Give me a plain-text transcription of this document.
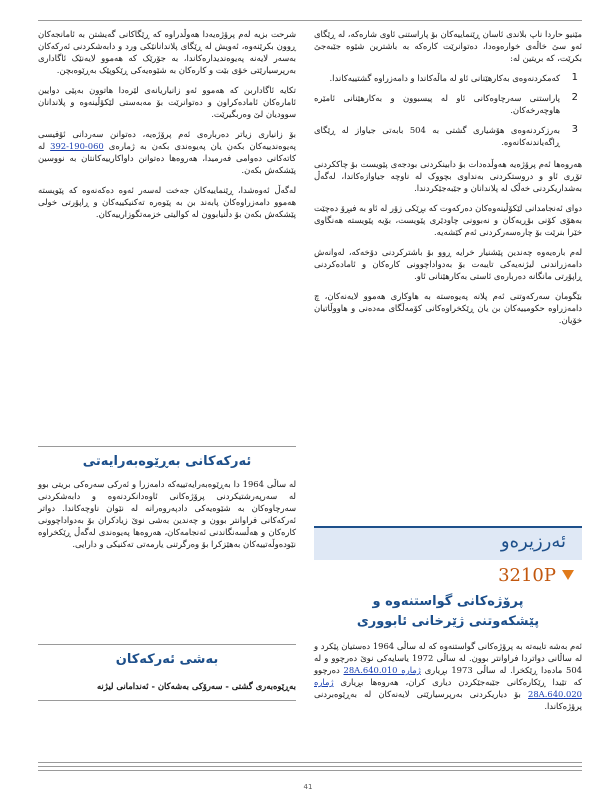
مێنیو حاردا ناپ بلاندی ئاسان ڕێنماییەکان بۆ پاراستنی ئاوی شارەکە، لە ڕێگای ئەو سێ خاڵەی خوارەوەدا، دەتوانرێت کارەکە بە باشترین شێوە جێبەجێ بکرێت، کە بریتین لە:

1
کەمکردنەوەی بەکارهێنانی ئاو لە ماڵەکاندا و دامەزراوە گشتییەکاندا.
2
پاراستنی سەرچاوەکانی ئاو لە پیسبوون و بەکارهێنانی ئامێرە هاوچەرخەکان.
3
بەرزکردنەوەی هۆشیاری گشتی بە 504 بابەتی جیاواز لە ڕێگای ڕاگەیاندنەکانەوە.

هەروەها ئەم پرۆژەیە هەوڵدەدات بۆ دابینکردنی بودجەی پێویست بۆ چاککردنی تۆڕی ئاو و دروستکردنی بەنداوی بچووک لە ناوچە جیاوازەکاندا، لەگەڵ بەشداریکردنی خەڵک لە پلاندانان و جێبەجێکردندا.

دوای ئەنجامدانی لێکۆڵینەوەکان دەرکەوت کە بڕێکی زۆر لە ئاو بە فیڕۆ دەچێت بەهۆی کۆنی بۆڕیەکان و نەبوونی چاودێری پێویست، بۆیە پێویستە هەنگاوی خێرا بنرێت بۆ چارەسەرکردنی ئەم کێشەیە.

لەم بارەیەوە چەندین پێشنیار خرایە ڕوو بۆ باشترکردنی دۆخەکە، لەوانەش دامەزراندنی لیژنەیەکی تایبەت بۆ بەدواداچوونی کارەکان و ئامادەکردنی ڕاپۆرتی مانگانە دەربارەی ئاستی بەکارهێنانی ئاو.

بێگومان سەرکەوتنی ئەم پلانە پەیوەستە بە هاوکاری هەموو لایەنەکان، چ دامەزراوە حکومییەکان بن یان ڕێکخراوەکانی کۆمەڵگای مەدەنی و هاووڵاتیان خۆیان.

ئەرزیرەو
3210P
پرۆژەکانی گواستنەوە و
پێشکەوتنی ژێرخانی ئابووری

ئەم بەشە تایبەتە بە پرۆژەکانی گواستنەوە کە لە ساڵی 1964 دەستیان پێکرد و لە ساڵانی دواتردا فراوانتر بوون. لە ساڵی 1972 یاسایەکی نوێ دەرچوو و لە 504 مادەدا ڕێکخرا. لە ساڵی 1973 بڕیاری ژمارە 28A.640.010 دەرچوو کە تێیدا ڕێکارەکانی جێبەجێکردن دیاری کران، هەروەها بڕیاری ژمارە 28A.640.020 بۆ دیاریکردنی بەرپرسیارێتی لایەنەکان لە بەڕێوەبردنی پرۆژەکاندا.

شرحت بزیە لەم پرۆژەیەدا هەوڵدراوە کە ڕێگاکانی گەیشتن بە ئامانجەکان ڕوون بکرێنەوە، ئەویش لە ڕێگای پلاندانانێکی ورد و دابەشکردنی ئەرکەکان بەسەر لایەنە پەیوەندیدارەکاندا، بە جۆرێک کە هەموو لایەنێک ئاگاداری بەرپرسیارێتی خۆی بێت و کارەکان بە شێوەیەکی ڕێکوپێک بەڕێوەبچن.

تکایە ئاگاداربن کە هەموو ئەو زانیاریانەی لێرەدا هاتوون بەپێی دوایین ئامارەکان ئامادەکراون و دەتوانرێت بۆ مەبەستی لێکۆڵینەوە و پلاندانان سوودیان لێ وەربگیرێت.

بۆ زانیاری زیاتر دەربارەی ئەم پرۆژەیە، دەتوانن سەردانی ئۆفیسی پەیوەندییەکان بکەن یان پەیوەندی بکەن بە ژمارەی 392-190-060 لە کاتەکانی دەوامی فەرمیدا، هەروەها دەتوانن داواکارییەکانتان بە نووسین پێشکەش بکەن.

لەگەڵ ئەوەشدا، ڕێنماییەکان جەخت لەسەر ئەوە دەکەنەوە کە پێویستە هەموو دامەزراوەکان پابەند بن بە پێوەرە تەکنیکییەکان و ڕاپۆرتی خولی پێشکەش بکەن بۆ دڵنیابوون لە کوالیتی خزمەتگوزارییەکان.

ئەرکەکانی بەڕێوەبەرایەتی
لە ساڵی 1964 دا بەڕێوەبەرایەتییەکە دامەزرا و ئەرکی سەرەکی بریتی بوو لە سەرپەرشتیکردنی پرۆژەکانی ئاوەدانکردنەوە و دابەشکردنی سەرچاوەکان بە شێوەیەکی دادپەروەرانە لە نێوان ناوچەکاندا. دواتر ئەرکەکانی فراوانتر بوون و چەندین بەشی نوێ زیادکران بۆ بەدواداچوونی کارەکان و هەڵسەنگاندنی ئەنجامەکان، هەروەها پەیوەندی لەگەڵ ڕێکخراوە نێودەوڵەتییەکان بەهێزکرا بۆ وەرگرتنی یارمەتی تەکنیکی و دارایی.
بەشی ئەرکەکان
بەڕێوەبەری گشتی - سەرۆکی بەشەکان - ئەندامانی لیژنە
41
